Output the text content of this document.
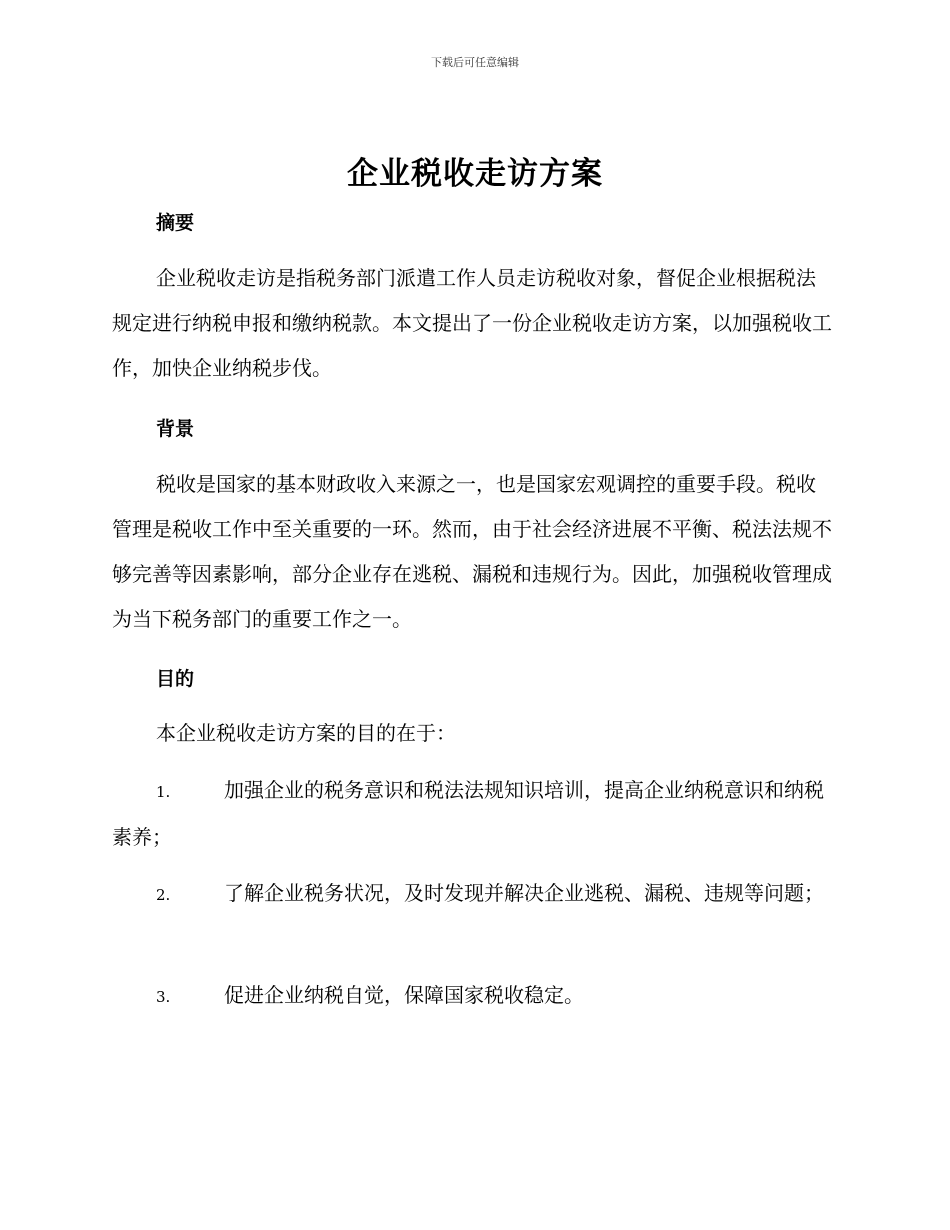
下载后可任意编辑
企业税收走访方案
摘要

企业税收走访是指税务部门派遣工作人员走访税收对象，督促企业根据税法规定进行纳税申报和缴纳税款。本文提出了一份企业税收走访方案，以加强税收工作，加快企业纳税步伐。

背景

税收是国家的基本财政收入来源之一，也是国家宏观调控的重要手段。税收管理是税收工作中至关重要的一环。然而，由于社会经济进展不平衡、税法法规不够完善等因素影响，部分企业存在逃税、漏税和违规行为。因此，加强税收管理成为当下税务部门的重要工作之一。

目的

本企业税收走访方案的目的在于：

1.	加强企业的税务意识和税法法规知识培训，提高企业纳税意识和纳税素养；
2.	了解企业税务状况，及时发现并解决企业逃税、漏税、违规等问题；
3.	促进企业纳税自觉，保障国家税收稳定。
